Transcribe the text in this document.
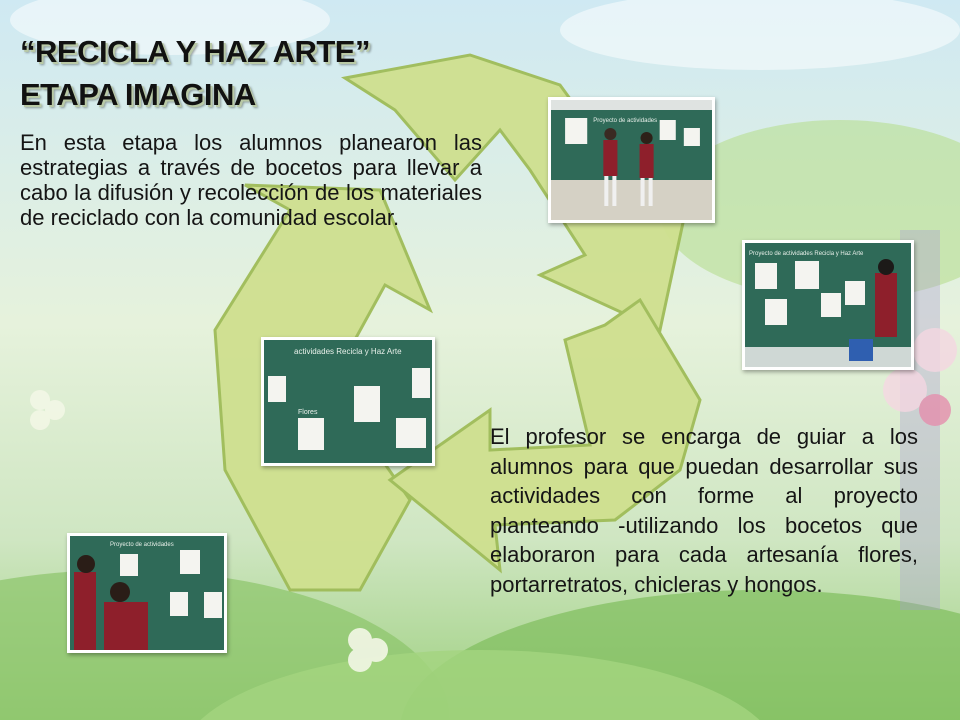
“RECICLA Y HAZ ARTE”
ETAPA IMAGINA

En esta etapa los alumnos planearon las estrategias a través de bocetos para llevar a cabo la difusión y recolección de los materiales de reciclado con la comunidad escolar.

El profesor se encarga de guiar a los alumnos para que puedan desarrollar sus actividades con forme al proyecto planteando -utilizando los bocetos que elaboraron para cada artesanía flores, portarretratos, chicleras y hongos.

Proyecto de actividades
Proyecto de actividades Recicla y Haz Arte
actividades Recicla y Haz Arte
Flores
Proyecto de actividades
